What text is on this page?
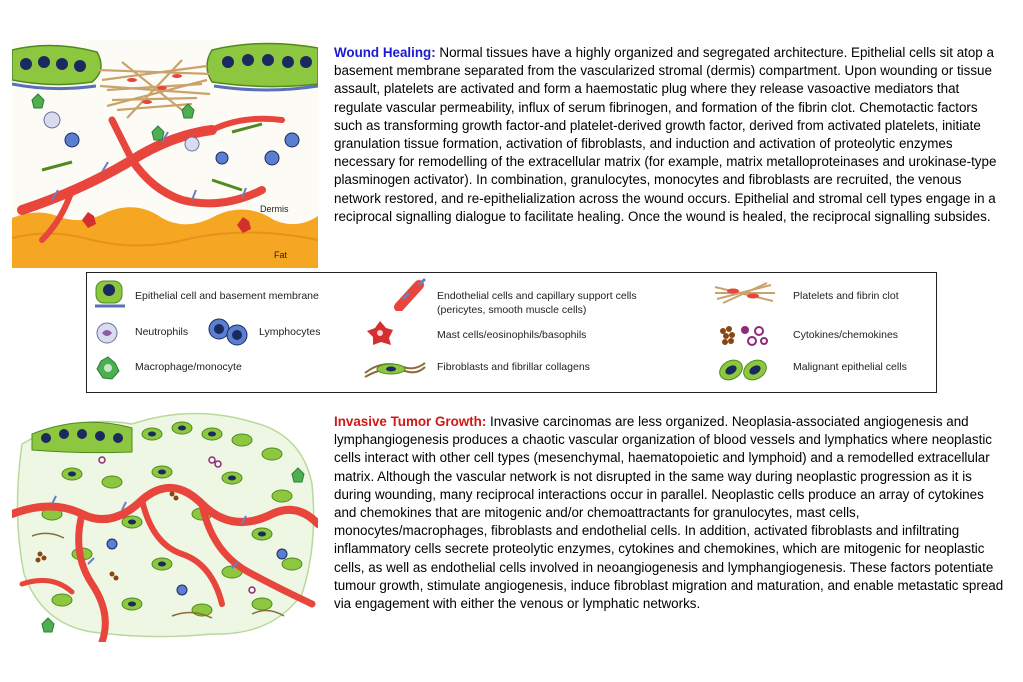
Dermis
Fat
Wound Healing: Normal tissues have a highly organized and segregated architecture. Epithelial cells sit atop a basement membrane separated from the vascularized stromal (dermis) compartment. Upon wounding or tissue assault, platelets are activated and form a haemostatic plug where they release vasoactive mediators that regulate vascular permeability, influx of serum fibrinogen, and formation of the fibrin clot. Chemotactic factors such as transforming growth factor-and platelet-derived growth factor, derived from activated platelets, initiate granulation tissue formation, activation of fibroblasts, and induction and activation of proteolytic enzymes necessary for remodelling of the extracellular matrix (for example, matrix metalloproteinases and urokinase-type plasminogen activator). In combination, granulocytes, monocytes and fibroblasts are recruited, the venous network restored, and re-epithelialization across the wound occurs. Epithelial and stromal cell types engage in a reciprocal signalling dialogue to facilitate healing. Once the wound is healed, the reciprocal signalling subsides.
Epithelial cell and basement membrane
Neutrophils	Lymphocytes
Macrophage/monocyte
Endothelial cells and capillary support cells
(pericytes, smooth muscle cells)
Mast cells/eosinophils/basophils
Fibroblasts and fibrillar collagens
Platelets and fibrin clot
Cytokines/chemokines
Malignant epithelial cells
Invasive Tumor Growth: Invasive carcinomas are less organized. Neoplasia-associated angiogenesis and lymphangiogenesis produces a chaotic vascular organization of blood vessels and lymphatics where neoplastic cells interact with other cell types (mesenchymal, haematopoietic and lymphoid) and a remodelled extracellular matrix. Although the vascular network is not disrupted in the same way during neoplastic progression as it is during wounding, many reciprocal interactions occur in parallel. Neoplastic cells produce an array of cytokines and chemokines that are mitogenic and/or chemoattractants for granulocytes, mast cells, monocytes/macrophages, fibroblasts and endothelial cells. In addition, activated fibroblasts and infiltrating inflammatory cells secrete proteolytic enzymes, cytokines and chemokines, which are mitogenic for neoplastic cells, as well as endothelial cells involved in neoangiogenesis and lymphangiogenesis. These factors potentiate tumour growth, stimulate angiogenesis, induce fibroblast migration and maturation, and enable metastatic spread via engagement with either the venous or lymphatic networks.
